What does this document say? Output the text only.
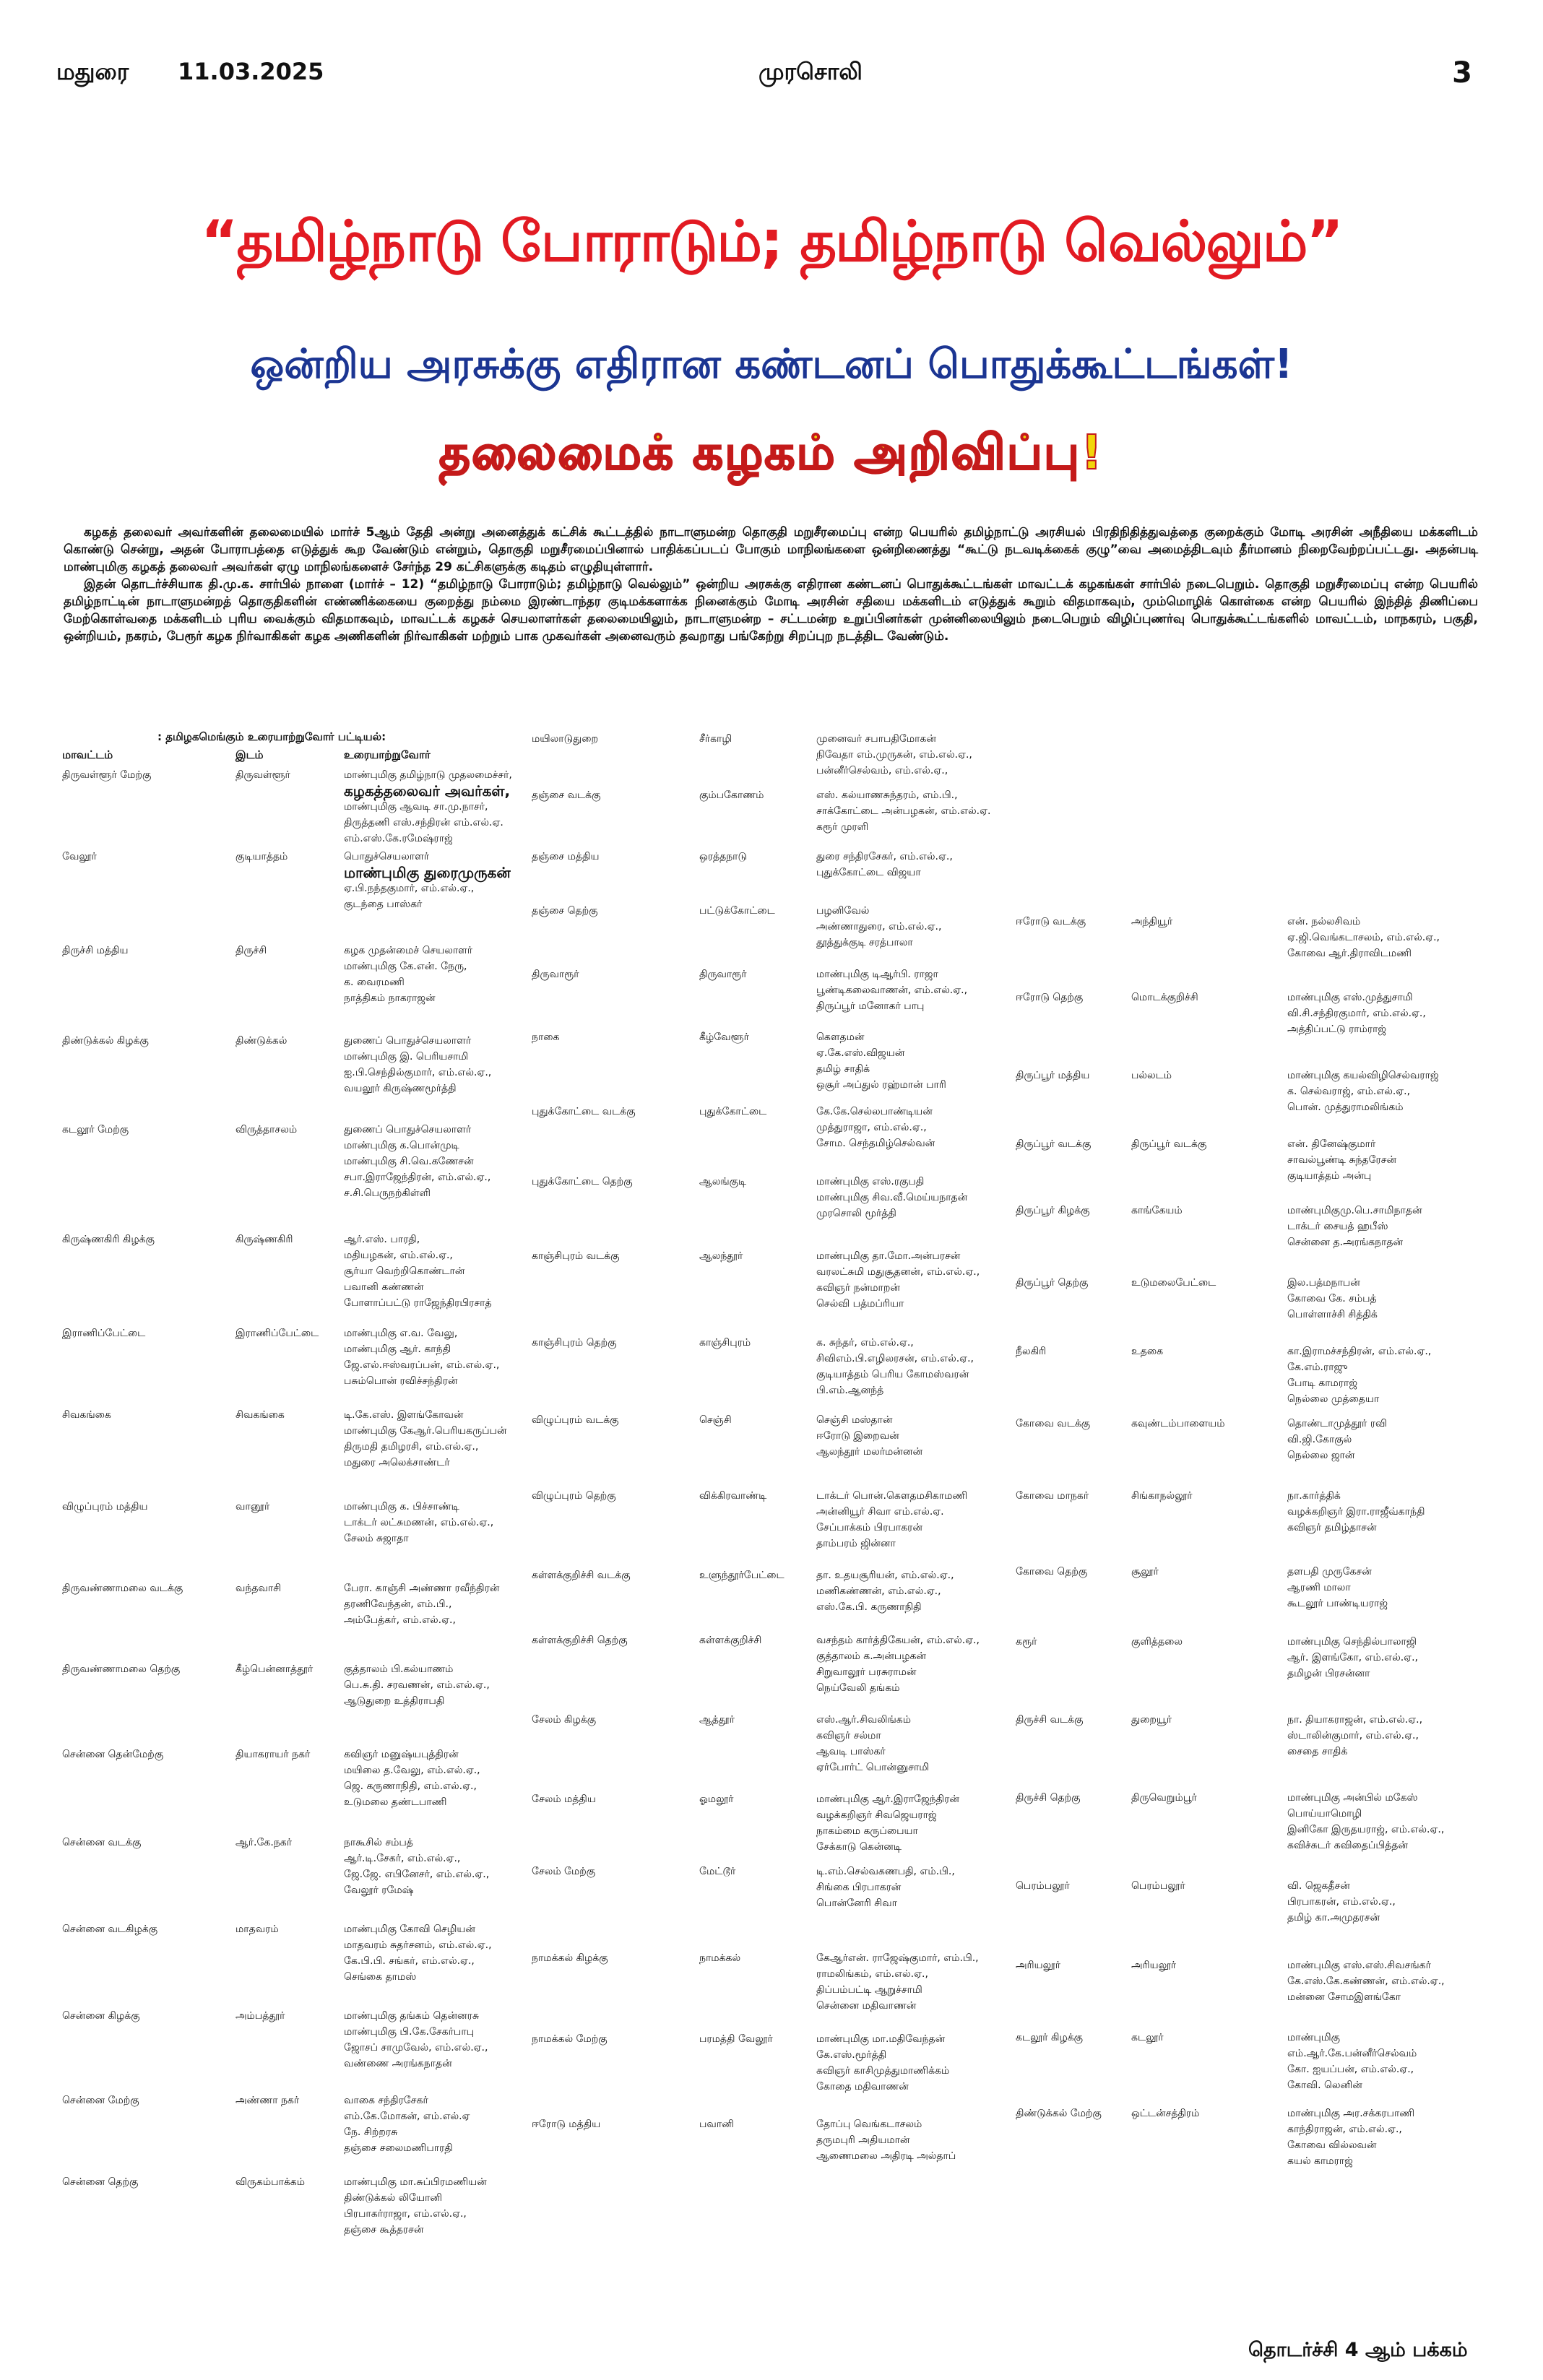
மதுரை 11.03.2025	முரசொலி	3
“தமிழ்நாடு போராடும்; தமிழ்நாடு வெல்லும்”
ஒன்றிய அரசுக்கு எதிரான கண்டனப் பொதுக்கூட்டங்கள்!
தலைமைக் கழகம் அறிவிப்பு!

கழகத் தலைவர் அவர்களின் தலைமையில் மார்ச் 5ஆம் தேதி அன்று அனைத்துக் கட்சிக் கூட்டத்தில் நாடாளுமன்ற தொகுதி மறுசீரமைப்பு என்ற பெயரில் தமிழ்நாட்டு அரசியல் பிரதிநிதித்துவத்தை குறைக்கும் மோடி அரசின் அநீதியை மக்களிடம் கொண்டு சென்று, அதன் போராபத்தை எடுத்துக் கூற வேண்டும் என்றும், தொகுதி மறுசீரமைப்பினால் பாதிக்கப்படப் போகும் மாநிலங்களை ஒன்றிணைத்து “கூட்டு நடவடிக்கைக் குழு”வை அமைத்திடவும் தீர்மானம் நிறைவேற்றப்பட்டது. அதன்படி மாண்புமிகு கழகத் தலைவர் அவர்கள் ஏழு மாநிலங்களைச் சேர்ந்த 29 கட்சிகளுக்கு கடிதம் எழுதியுள்ளார்.

இதன் தொடர்ச்சியாக தி.மு.க. சார்பில் நாளை (மார்ச் – 12) “தமிழ்நாடு போராடும்; தமிழ்நாடு வெல்லும்” ஒன்றிய அரசுக்கு எதிரான கண்டனப் பொதுக்கூட்டங்கள் மாவட்டக் கழகங்கள் சார்பில் நடைபெறும். தொகுதி மறுசீரமைப்பு என்ற பெயரில் தமிழ்நாட்டின் நாடாளுமன்றத் தொகுதிகளின் எண்ணிக்கையை குறைத்து நம்மை இரண்டாந்தர குடிமக்களாக்க நினைக்கும் மோடி அரசின் சதியை மக்களிடம் எடுத்துக் கூறும் விதமாகவும், மும்மொழிக் கொள்கை என்ற பெயரில் இந்தித் திணிப்பை மேற்கொள்வதை மக்களிடம் புரிய வைக்கும் விதமாகவும், மாவட்டக் கழகச் செயலாளர்கள் தலைமையிலும், நாடாளுமன்ற – சட்டமன்ற உறுப்பினர்கள் முன்னிலையிலும் நடைபெறும் விழிப்புணர்வு பொதுக்கூட்டங்களில் மாவட்டம், மாநகரம், பகுதி, ஒன்றியம், நகரம், பேரூர் கழக நிர்வாகிகள் கழக அணிகளின் நிர்வாகிகள் மற்றும் பாக முகவர்கள் அனைவரும் தவறாது பங்கேற்று சிறப்புற நடத்திட வேண்டும்.

: தமிழகமெங்கும் உரையாற்றுவோர் பட்டியல்:
மாவட்டம்	இடம்	உரையாற்றுவோர்
திருவள்ளூர் மேற்கு	திருவள்ளூர்	மாண்புமிகு தமிழ்நாடு முதலமைச்சர்,
கழகத்தலைவர் அவர்கள்,
மாண்புமிகு ஆவடி சா.மு.நாசர்,
திருத்தணி எஸ்.சந்திரன் எம்.எல்.ஏ.
எம்.எஸ்.கே.ரமேஷ்ராஜ்
வேலூர்	குடியாத்தம்	பொதுச்செயலாளர்
மாண்புமிகு துரைமுருகன்
ஏ.பி.நந்தகுமார், எம்.எல்.ஏ.,
குடந்தை பாஸ்கர்
திருச்சி மத்திய	திருச்சி	கழக முதன்மைச் செயலாளர்
மாண்புமிகு கே.என். நேரு,
க. வைரமணி
நாத்திகம் நாகராஜன்
திண்டுக்கல் கிழக்கு	திண்டுக்கல்	துணைப் பொதுச்செயலாளர்
மாண்புமிகு இ. பெரியசாமி
ஐ.பி.செந்தில்குமார், எம்.எல்.ஏ.,
வயலூர் கிருஷ்ணமூர்த்தி
கடலூர் மேற்கு	விருத்தாசலம்	துணைப் பொதுச்செயலாளர்
மாண்புமிகு க.பொன்முடி
மாண்புமிகு சி.வெ.கணேசன்
சபா.இராஜேந்திரன், எம்.எல்.ஏ.,
ச.சி.பெருநற்கிள்ளி
கிருஷ்ணகிரி கிழக்கு	கிருஷ்ணகிரி	ஆர்.எஸ். பாரதி,
மதியழகன், எம்.எல்.ஏ.,
சூர்யா வெற்றிகொண்டான்
பவானி கண்ணன்
போளாப்பட்டு ராஜேந்திரபிரசாத்
இராணிப்பேட்டை	இராணிப்பேட்டை	மாண்புமிகு எ.வ. வேலு,
மாண்புமிகு ஆர். காந்தி
ஜே.எல்.ஈஸ்வரப்பன், எம்.எல்.ஏ.,
பசும்பொன் ரவிச்சந்திரன்
சிவகங்கை	சிவகங்கை	டி.கே.எஸ். இளங்கோவன்
மாண்புமிகு கேஆர்.பெரியகருப்பன்
திருமதி தமிழரசி, எம்.எல்.ஏ.,
மதுரை அலெக்சாண்டர்
விழுப்புரம் மத்திய	வானூர்	மாண்புமிகு க. பிச்சாண்டி
டாக்டர் லட்சுமணன், எம்.எல்.ஏ.,
சேலம் சுஜாதா
திருவண்ணாமலை வடக்கு	வந்தவாசி	பேரா. காஞ்சி அண்ணா ரவீந்திரன்
தரணிவேந்தன், எம்.பி.,
அம்பேத்கர், எம்.எல்.ஏ.,
திருவண்ணாமலை தெற்கு	கீழ்பென்னாத்தூர்	குத்தாலம் பி.கல்யாணம்
பெ.சு.தி. சரவணன், எம்.எல்.ஏ.,
ஆடுதுறை உத்திராபதி
சென்னை தென்மேற்கு	தியாகராயர் நகர்	கவிஞர் மனுஷ்யபுத்திரன்
மயிலை த.வேலு, எம்.எல்.ஏ.,
ஜெ. கருணாநிதி, எம்.எல்.ஏ.,
உடுமலை தண்டபாணி
சென்னை வடக்கு	ஆர்.கே.நகர்	நாகூசில் சம்பத்
ஆர்.டி.சேகர், எம்.எல்.ஏ.,
ஜே.ஜே. எபினேசர், எம்.எல்.ஏ.,
வேலூர் ரமேஷ்
சென்னை வடகிழக்கு	மாதவரம்	மாண்புமிகு கோவி செழியன்
மாதவரம் சுதர்சனம், எம்.எல்.ஏ.,
கே.பி.பி. சங்கர், எம்.எல்.ஏ.,
செங்கை தாமஸ்
சென்னை கிழக்கு	அம்பத்தூர்	மாண்புமிகு தங்கம் தென்னரசு
மாண்புமிகு பி.கே.சேகர்பாபு
ஜோசப் சாமுவேல், எம்.எல்.ஏ.,
வண்ணை அரங்கநாதன்
சென்னை மேற்கு	அண்ணா நகர்	வாகை சந்திரசேகர்
எம்.கே.மோகன், எம்.எல்.ஏ
நே. சிற்றரசு
தஞ்சை சலைமணிபாரதி
சென்னை தெற்கு	விருகம்பாக்கம்	மாண்புமிகு மா.சுப்பிரமணியன்
திண்டுக்கல் லியோனி
பிரபாகர்ராஜா, எம்.எல்.ஏ.,
தஞ்சை கூத்தரசன்
மயிலாடுதுறை	சீர்காழி	முனைவர் சபாபதிமோகன்
நிவேதா எம்.முருகன், எம்.எல்.ஏ.,
பன்னீர்செல்வம், எம்.எல்.ஏ.,
தஞ்சை வடக்கு	கும்பகோணம்	எஸ். கல்யாணசுந்தரம், எம்.பி.,
சாக்கோட்டை அன்பழகன், எம்.எல்.ஏ.
கரூர் முரளி
தஞ்சை மத்திய	ஒரத்தநாடு	துரை சந்திரசேகர், எம்.எல்.ஏ.,
புதுக்கோட்டை விஜயா
தஞ்சை தெற்கு	பட்டுக்கோட்டை	பழனிவேல்
அண்ணாதுரை, எம்.எல்.ஏ.,
தூத்துக்குடி சரத்பாலா
திருவாரூர்	திருவாரூர்	மாண்புமிகு டிஆர்பி. ராஜா
பூண்டிகலைவாணன், எம்.எல்.ஏ.,
திருப்பூர் மனோகர் பாபு
நாகை	கீழ்வேளூர்	கௌதமன்
ஏ.கே.எஸ்.விஜயன்
தமிழ் சாதிக்
ஒசூர் அப்துல் ரஹ்மான் பாரி
புதுக்கோட்டை வடக்கு	புதுக்கோட்டை	கே.கே.செல்லபாண்டியன்
முத்துராஜா, எம்.எல்.ஏ.,
சோம. செந்தமிழ்செல்வன்
புதுக்கோட்டை தெற்கு	ஆலங்குடி	மாண்புமிகு எஸ்.ரகுபதி
மாண்புமிகு சிவ.வீ.மெய்யநாதன்
முரசொலி மூர்த்தி
காஞ்சிபுரம் வடக்கு	ஆலந்தூர்	மாண்புமிகு தா.மோ.அன்பரசன்
வரலட்சுமி மதுசூதனன், எம்.எல்.ஏ.,
கவிஞர் நன்மாறன்
செல்வி பத்மப்ரியா
காஞ்சிபுரம் தெற்கு	காஞ்சிபுரம்	க. சுந்தர், எம்.எல்.ஏ.,
சிவிஎம்.பி.எழிலரசன், எம்.எல்.ஏ.,
குடியாத்தம் பெரிய கோமஸ்வரன்
பி.எம்.ஆனந்த்
விழுப்புரம் வடக்கு	செஞ்சி	செஞ்சி மஸ்தான்
ஈரோடு இறைவன்
ஆலந்தூர் மலர்மன்னன்
விழுப்புரம் தெற்கு	விக்கிரவாண்டி	டாக்டர் பொன்.கௌதமசிகாமணி
அன்னியூர் சிவா எம்.எல்.ஏ.
சேப்பாக்கம் பிரபாகரன்
தாம்பரம் ஜின்னா
கள்ளக்குறிச்சி வடக்கு	உளுந்தூர்பேட்டை	தா. உதயசூரியன், எம்.எல்.ஏ.,
மணிகண்ணன், எம்.எல்.ஏ.,
எஸ்.கே.பி. கருணாநிதி
கள்ளக்குறிச்சி தெற்கு	கள்ளக்குறிச்சி	வசந்தம் கார்த்திகேயன், எம்.எல்.ஏ.,
குத்தாலம் க.அன்பழகன்
சிறுவாலூர் பரசுராமன்
நெய்வேலி தங்கம்
சேலம் கிழக்கு	ஆத்தூர்	எஸ்.ஆர்.சிவலிங்கம்
கவிஞர் சல்மா
ஆவடி பாஸ்கர்
ஏர்போர்ட் பொன்னுசாமி
சேலம் மத்திய	ஓமலூர்	மாண்புமிகு ஆர்.இராஜேந்திரன்
வழக்கறிஞர் சிவஜெயராஜ்
நாகம்மை கருப்பையா
சேக்காடு கென்னடி
சேலம் மேற்கு	மேட்டூர்	டி.எம்.செல்வகணபதி, எம்.பி.,
சிங்கை பிரபாகரன்
பொன்னேரி சிவா
நாமக்கல் கிழக்கு	நாமக்கல்	கேஆர்என். ராஜேஷ்குமார், எம்.பி.,
ராமலிங்கம், எம்.எல்.ஏ.,
திப்பம்பட்டி ஆறுச்சாமி
சென்னை மதிவாணன்
நாமக்கல் மேற்கு	பரமத்தி வேலூர்	மாண்புமிகு மா.மதிவேந்தன்
கே.எஸ்.மூர்த்தி
கவிஞர் காசிமுத்துமாணிக்கம்
கோதை மதிவாணன்
ஈரோடு மத்திய	பவானி	தோப்பு வெங்கடாசலம்
தருமபுரி அதியமான்
ஆணைமலை அதிரடி அல்தாப்
ஈரோடு வடக்கு	அந்தியூர்	என். நல்லசிவம்
ஏ.ஜி.வெங்கடாசலம், எம்.எல்.ஏ.,
கோவை ஆர்.திராவிடமணி
ஈரோடு தெற்கு	மொடக்குறிச்சி	மாண்புமிகு எஸ்.முத்துசாமி
வி.சி.சந்திரகுமார், எம்.எல்.ஏ.,
அத்திப்பட்டு ராம்ராஜ்
திருப்பூர் மத்திய	பல்லடம்	மாண்புமிகு கயல்விழிசெல்வராஜ்
க. செல்வராஜ், எம்.எல்.ஏ.,
பொன். முத்துராமலிங்கம்
திருப்பூர் வடக்கு	திருப்பூர் வடக்கு	என். தினேஷ்குமார்
சாவல்பூண்டி சுந்தரேசன்
குடியாத்தம் அன்பு
திருப்பூர் கிழக்கு	காங்கேயம்	மாண்புமிகுமு.பெ.சாமிநாதன்
டாக்டர் சையத் ஹபீஸ்
சென்னை த.அரங்கநாதன்
திருப்பூர் தெற்கு	உடுமலைபேட்டை	இல.பத்மநாபன்
கோவை கே. சம்பத்
பொள்ளாச்சி சித்திக்
நீலகிரி	உதகை	கா.இராமச்சந்திரன், எம்.எல்.ஏ.,
கே.எம்.ராஜு
போடி காமராஜ்
நெல்லை முத்தையா
கோவை வடக்கு	கவுண்டம்பாளையம்	தொண்டாமுத்தூர் ரவி
வி.ஜி.கோகுல்
நெல்லை ஜான்
கோவை மாநகர்	சிங்காநல்லூர்	நா.கார்த்திக்
வழக்கறிஞர் இரா.ராஜீவ்காந்தி
கவிஞர் தமிழ்தாசன்
கோவை தெற்கு	சூலூர்	தளபதி முருகேசன்
ஆரணி மாலா
கூடலூர் பாண்டியராஜ்
கரூர்	குளித்தலை	மாண்புமிகு செந்தில்பாலாஜி
ஆர். இளங்கோ, எம்.எல்.ஏ.,
தமிழன் பிரசன்னா
திருச்சி வடக்கு	துறையூர்	நா. தியாகராஜன், எம்.எல்.ஏ.,
ஸ்டாலின்குமார், எம்.எல்.ஏ.,
சைதை சாதிக்
திருச்சி தெற்கு	திருவெறும்பூர்	மாண்புமிகு அன்பில் மகேஸ்
பொய்யாமொழி
இனிகோ இருதயராஜ், எம்.எல்.ஏ.,
கவிச்சுடர் கவிதைப்பித்தன்
பெரம்பலூர்	பெரம்பலூர்	வி. ஜெகதீசன்
பிரபாகரன், எம்.எல்.ஏ.,
தமிழ் கா.அமுதரசன்
அரியலூர்	அரியலூர்	மாண்புமிகு எஸ்.எஸ்.சிவசங்கர்
கே.எஸ்.கே.கண்ணன், எம்.எல்.ஏ.,
மன்னை சோமஇளங்கோ
கடலூர் கிழக்கு	கடலூர்	மாண்புமிகு
எம்.ஆர்.கே.பன்னீர்செல்வம்
கோ. ஐயப்பன், எம்.எல்.ஏ.,
கோவி. லெனின்
திண்டுக்கல் மேற்கு	ஒட்டன்சத்திரம்	மாண்புமிகு அர.சக்கரபாணி
காந்திராஜன், எம்.எல்.ஏ.,
கோவை வில்லவன்
கயல் காமராஜ்
தொடர்ச்சி 4 ஆம் பக்கம்
